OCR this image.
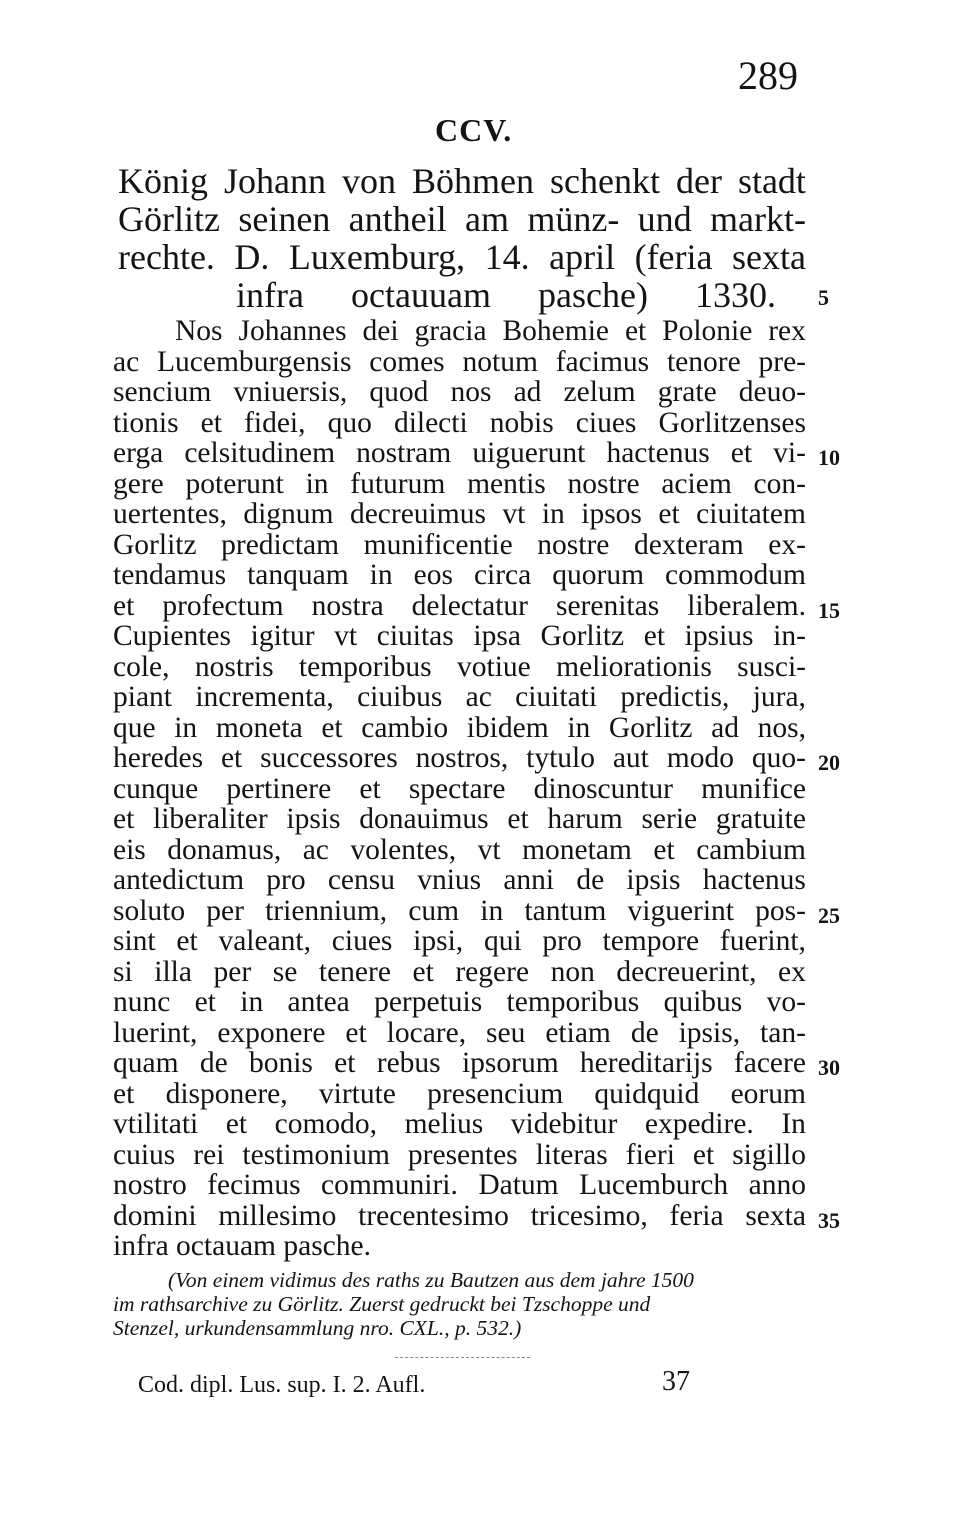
289
CCV.
König Johann von Böhmen schenkt der stadt
Görlitz seinen antheil am münz- und markt-
rechte. D. Luxemburg, 14. april (feria sexta
infra octauuam pasche) 1330.
Nos Johannes dei gracia Bohemie et Polonie rex
ac Lucemburgensis comes notum facimus tenore pre-
sencium vniuersis, quod nos ad zelum grate deuo-
tionis et fidei, quo dilecti nobis ciues Gorlitzenses
erga celsitudinem nostram uiguerunt hactenus et vi-
gere poterunt in futurum mentis nostre aciem con-
uertentes, dignum decreuimus vt in ipsos et ciuitatem
Gorlitz predictam munificentie nostre dexteram ex-
tendamus tanquam in eos circa quorum commodum
et profectum nostra delectatur serenitas liberalem.
Cupientes igitur vt ciuitas ipsa Gorlitz et ipsius in-
cole, nostris temporibus votiue meliorationis susci-
piant incrementa, ciuibus ac ciuitati predictis, jura,
que in moneta et cambio ibidem in Gorlitz ad nos,
heredes et successores nostros, tytulo aut modo quo-
cunque pertinere et spectare dinoscuntur munifice
et liberaliter ipsis donauimus et harum serie gratuite
eis donamus, ac volentes, vt monetam et cambium
antedictum pro censu vnius anni de ipsis hactenus
soluto per triennium, cum in tantum viguerint pos-
sint et valeant, ciues ipsi, qui pro tempore fuerint,
si illa per se tenere et regere non decreuerint, ex
nunc et in antea perpetuis temporibus quibus vo-
luerint, exponere et locare, seu etiam de ipsis, tan-
quam de bonis et rebus ipsorum hereditarijs facere
et disponere, virtute presencium quidquid eorum
vtilitati et comodo, melius videbitur expedire. In
cuius rei testimonium presentes literas fieri et sigillo
nostro fecimus communiri. Datum Lucemburch anno
domini millesimo trecentesimo tricesimo, feria sexta
infra octauam pasche.
5
10
15
20
25
30
35
(Von einem vidimus des raths zu Bautzen aus dem jahre 1500
im rathsarchive zu Görlitz. Zuerst gedruckt bei Tzschoppe und
Stenzel, urkundensammlung nro. CXL., p. 532.)
Cod. dipl. Lus. sup. I. 2. Aufl.	37
